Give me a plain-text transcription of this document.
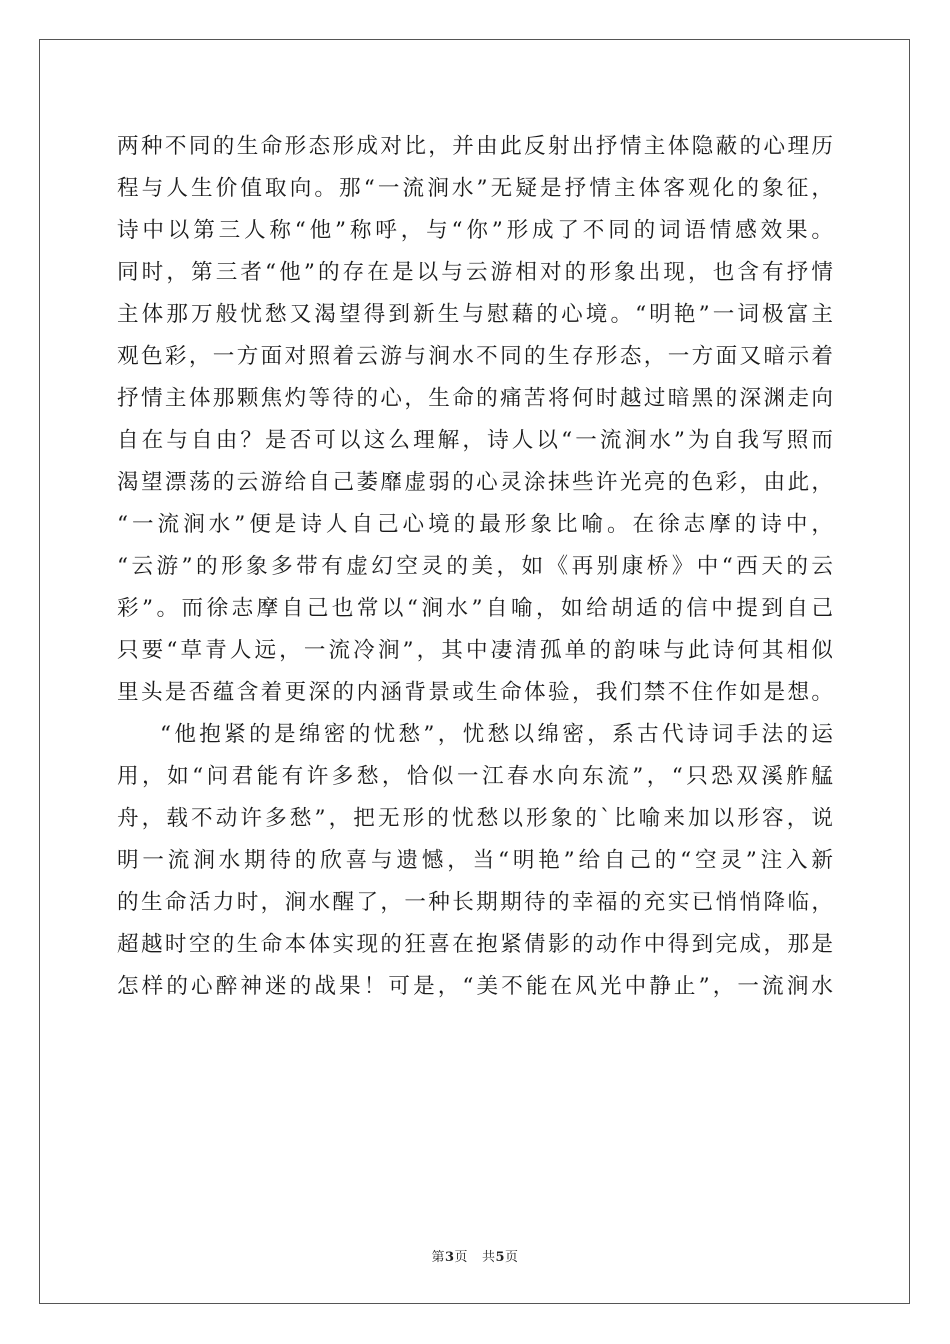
两种不同的生命形态形成对比，并由此反射出抒情主体隐蔽的心理历
程与人生价值取向。那“一流涧水”无疑是抒情主体客观化的象征，
诗中以第三人称“他”称呼，与“你”形成了不同的词语情感效果。
同时，第三者“他”的存在是以与云游相对的形象出现，也含有抒情
主体那万般忧愁又渴望得到新生与慰藉的心境。“明艳”一词极富主
观色彩，一方面对照着云游与涧水不同的生存形态，一方面又暗示着
抒情主体那颗焦灼等待的心，生命的痛苦将何时越过暗黑的深渊走向
自在与自由？是否可以这么理解，诗人以“一流涧水”为自我写照而
渴望漂荡的云游给自己萎靡虚弱的心灵涂抹些许光亮的色彩，由此，
“一流涧水”便是诗人自己心境的最形象比喻。在徐志摩的诗中，
“云游”的形象多带有虚幻空灵的美，如《再别康桥》中“西天的云
彩”。而徐志摩自己也常以“涧水”自喻，如给胡适的信中提到自己
只要“草青人远，一流冷涧”，其中凄清孤单的韵味与此诗何其相似
里头是否蕴含着更深的内涵背景或生命体验，我们禁不住作如是想。
“他抱紧的是绵密的忧愁”，忧愁以绵密，系古代诗词手法的运
用，如“问君能有许多愁，恰似一江春水向东流”，“只恐双溪舴艋
舟，载不动许多愁”，把无形的忧愁以形象的`比喻来加以形容，说
明一流涧水期待的欣喜与遗憾，当“明艳”给自己的“空灵”注入新
的生命活力时，涧水醒了，一种长期期待的幸福的充实已悄悄降临，
超越时空的生命本体实现的狂喜在抱紧倩影的动作中得到完成，那是
怎样的心醉神迷的战果！可是，“美不能在风光中静止”，一流涧水
第3页 共5页
